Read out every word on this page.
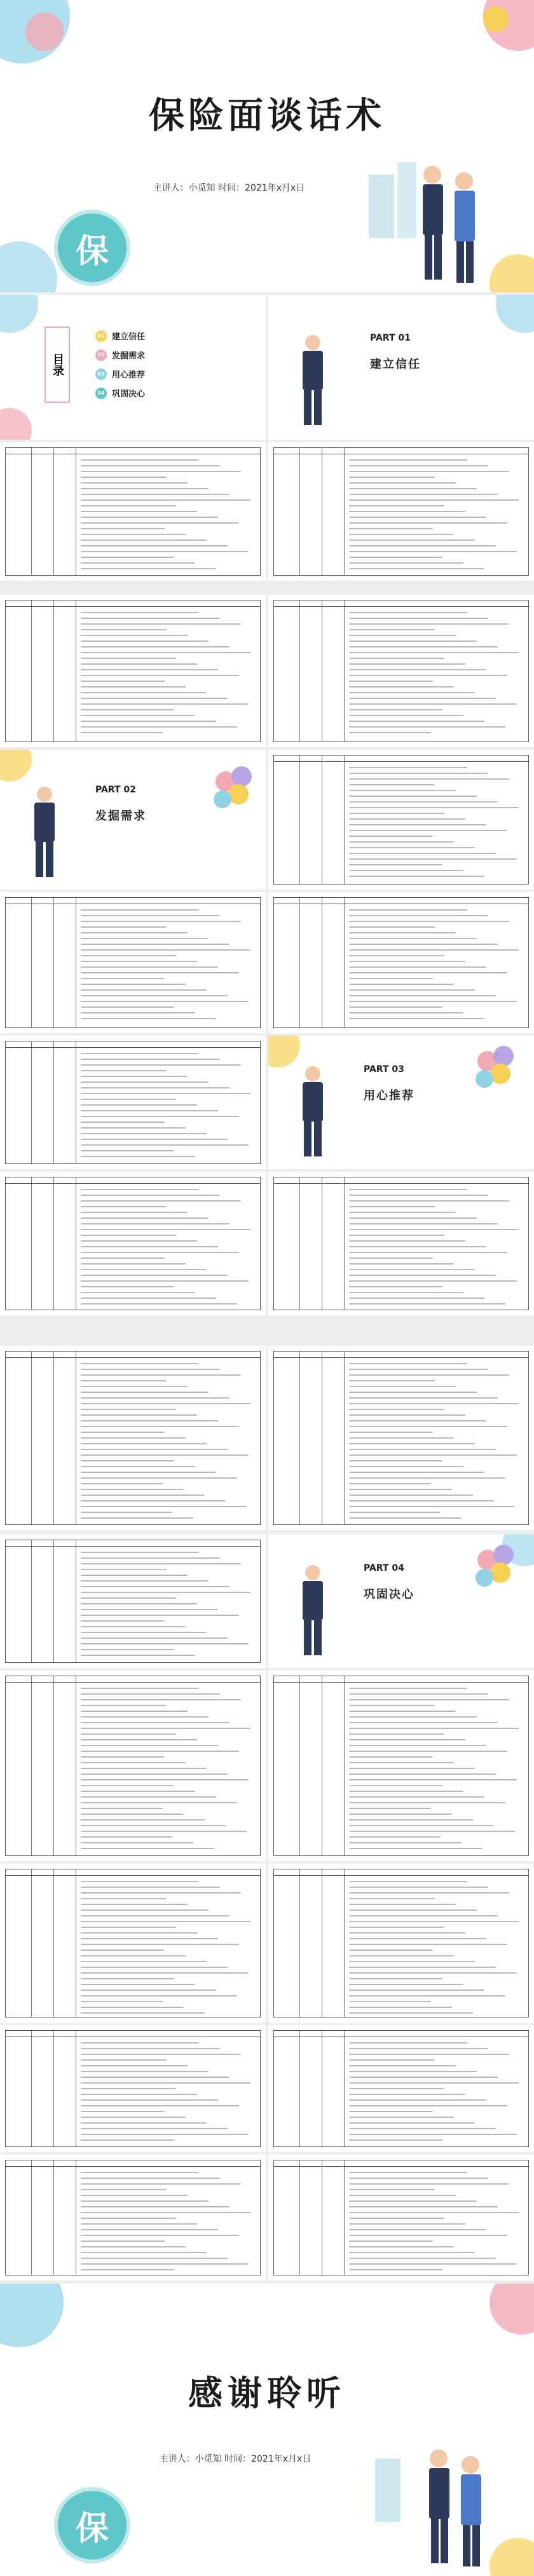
保险面谈话术
主讲人：小觅知 时间：2021年x月x日
保
目录
01 建立信任
02 发掘需求
03 用心推荐
04 巩固决心
PART 01
建立信任
PART 02
发掘需求
PART 03
用心推荐
PART 04
巩固决心
感谢聆听
主讲人：小觅知 时间：2021年x月x日
保
